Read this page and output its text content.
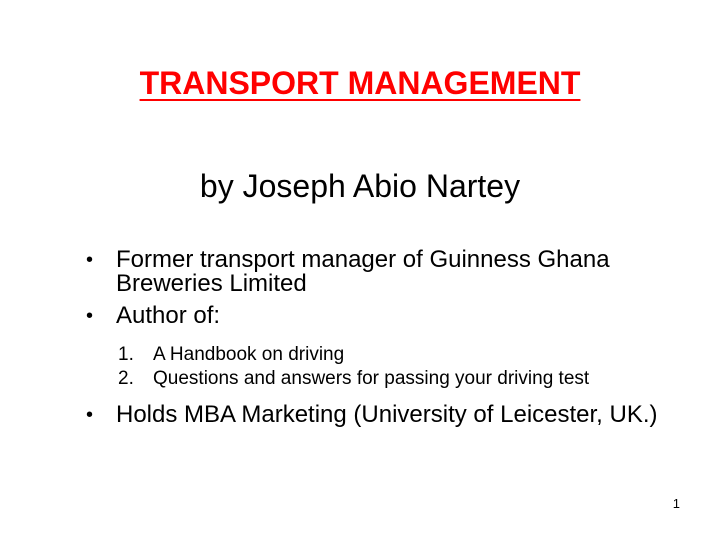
TRANSPORT MANAGEMENT
by Joseph Abio Nartey
• Former transport manager of Guinness Ghana Breweries Limited
• Author of:
1. A Handbook on driving
2. Questions and answers for passing your driving test
• Holds MBA Marketing (University of Leicester, UK.)
1
